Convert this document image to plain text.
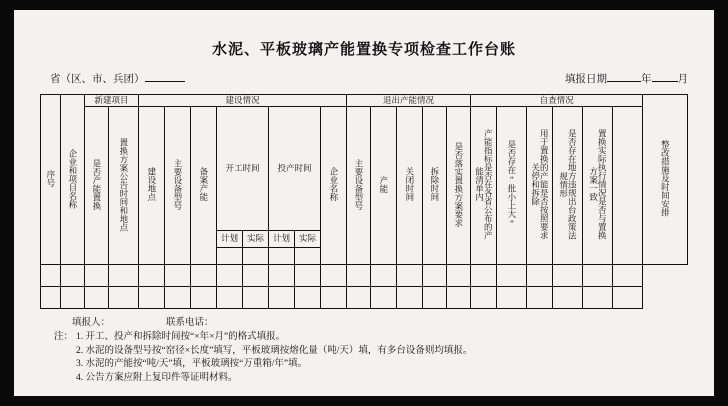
水泥、平板玻璃产能置换专项检查工作台账
省（区、市、兵团）	填报日期	年 月
序号	企业和项目名称	新建项目		建设情况								退出产能情况					自查情况						整改措施及时间安排
		是否产能置换	置换方案公告时间和地点	建设地点	主要设备型号	备案产能	开工时间		投产时间		企业名称	主要设备型号	产能	关闭时间	拆除时间	是否落实置换方案要求	产能指标是否在各省公布的产能清单内	是否存在“批小上大”	用于置换的产能是否按照要求关停和拆除	是否存在地方违规出台政策法规情形	置换实际执行情况是否与置换方案一致		
							计划	实际	计划	实际													

填报人：	联系电话：
注： 1. 开工、投产和拆除时间按“×年×月”的格式填报。
2. 水泥的设备型号按“窑径×长度”填写，平板玻璃按熔化量（吨/天）填，有多台设备则均填报。
3. 水泥的产能按“吨/天”填，平板玻璃按“万重箱/年”填。
4. 公告方案应附上复印件等证明材料。
